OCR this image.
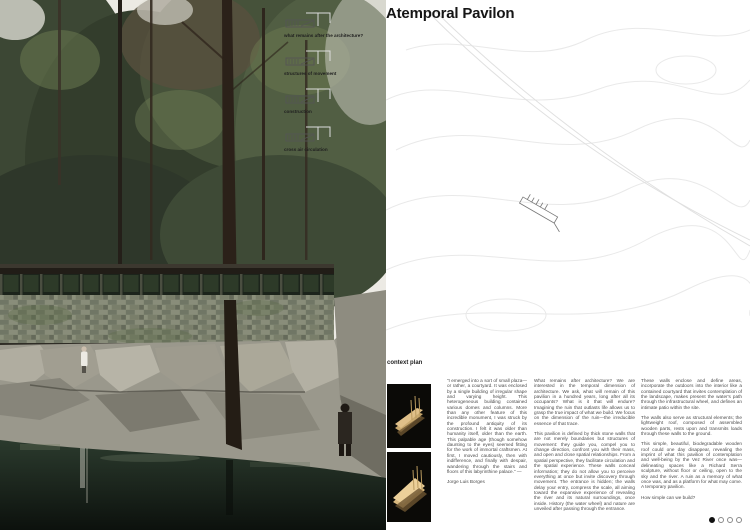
what remains after the architecture?
structures of movement
construction
cross air circulation
Atemporal Pavilon
context plan

“I emerged into a sort of small plaza—or rather, a courtyard. It was enclosed by a single building of irregular shape and varying height. This heterogeneous building contained various domes and columns. More than any other feature of this incredible monument, I was struck by the profound antiquity of its construction. I felt it was older than humanity itself, older than the earth. This palpable age (though somehow daunting to the eyes) seemed fitting for the work of immortal craftsmen. At first, I moved cautiously, then with indifference, and finally with despair, wandering through the stairs and floors of this labyrinthine palace.” —

Jorge Luis Borges

What remains after architecture? We are interested in the temporal dimension of architecture. We ask, what will remain of this pavilion in a hundred years, long after all its occupants? What is it that will endure? Imagining the ruin that outlasts life allows us to grasp the true impact of what we build. We focus on the dimension of the ruin—the irreducible essence of that trace.

This pavilion is defined by thick stone walls that are not merely boundaries but structures of movement: they guide you, compel you to change direction, confront you with their mass, and open and close spatial relationships. From a spatial perspective, they facilitate circulation and the spatial experience. These walls conceal information; they do not allow you to perceive everything at once but invite discovery through movement. The entrance is hidden; the walls delay your entry, compress the scale, all aiming toward the expansive experience of revealing the river and its natural surroundings, once inside. History (the water wheel) and nature are unveiled after passing through the entrance.

These walls enclose and define areas, incorporate the outdoors into the interior like a contained courtyard that invites contemplation of the landscape, makes present the water's path through the infrastructural wheel, and defines an intimate patio within the site.

The walls also serve as structural elements; the lightweight roof, composed of assembled wooden parts, rests upon and transmits loads through these walls to the ground.

This simple, beautiful, biodegradable wooden roof could one day disappear, revealing the imprint of what this pavilion of contemplation and well-being by the Vez River once was—delineating spaces like a Richard Serra sculpture, without floor or ceiling, open to the sky and the river. A ruin as a memory of what once was, and as a platform for what may come. A temporary pavilion.

How simple can we build?
